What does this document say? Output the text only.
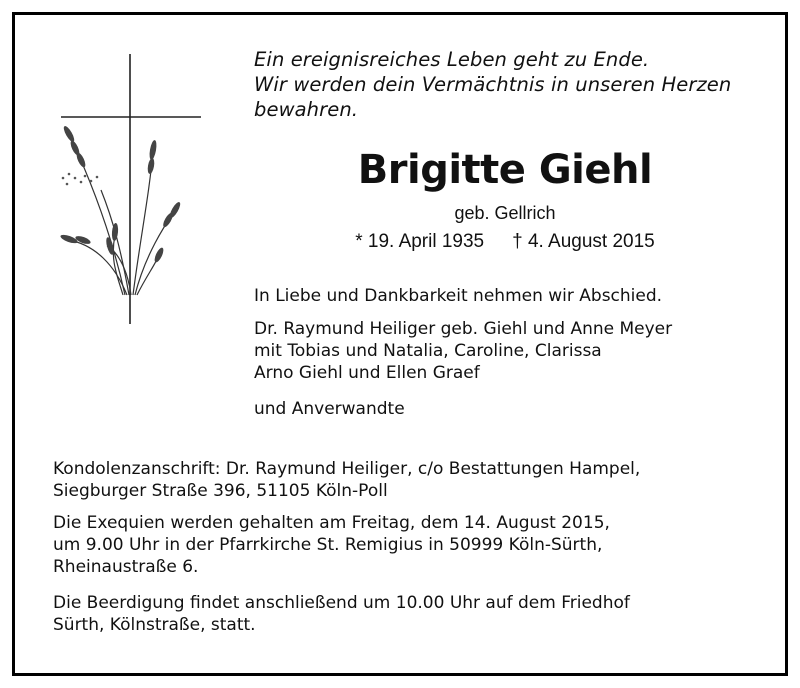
Ein ereignisreiches Leben geht zu Ende.
Wir werden dein Vermächtnis in unseren Herzen
bewahren.
Brigitte Giehl
geb. Gellrich
* 19. April 1935 † 4. August 2015
In Liebe und Dankbarkeit nehmen wir Abschied.
Dr. Raymund Heiliger geb. Giehl und Anne Meyer
mit Tobias und Natalia, Caroline, Clarissa
Arno Giehl und Ellen Graef
und Anverwandte
Kondolenzanschrift: Dr. Raymund Heiliger, c/o Bestattungen Hampel,
Siegburger Straße 396, 51105 Köln-Poll
Die Exequien werden gehalten am Freitag, dem 14. August 2015,
um 9.00 Uhr in der Pfarrkirche St. Remigius in 50999 Köln-Sürth,
Rheinaustraße 6.
Die Beerdigung findet anschließend um 10.00 Uhr auf dem Friedhof
Sürth, Kölnstraße, statt.
